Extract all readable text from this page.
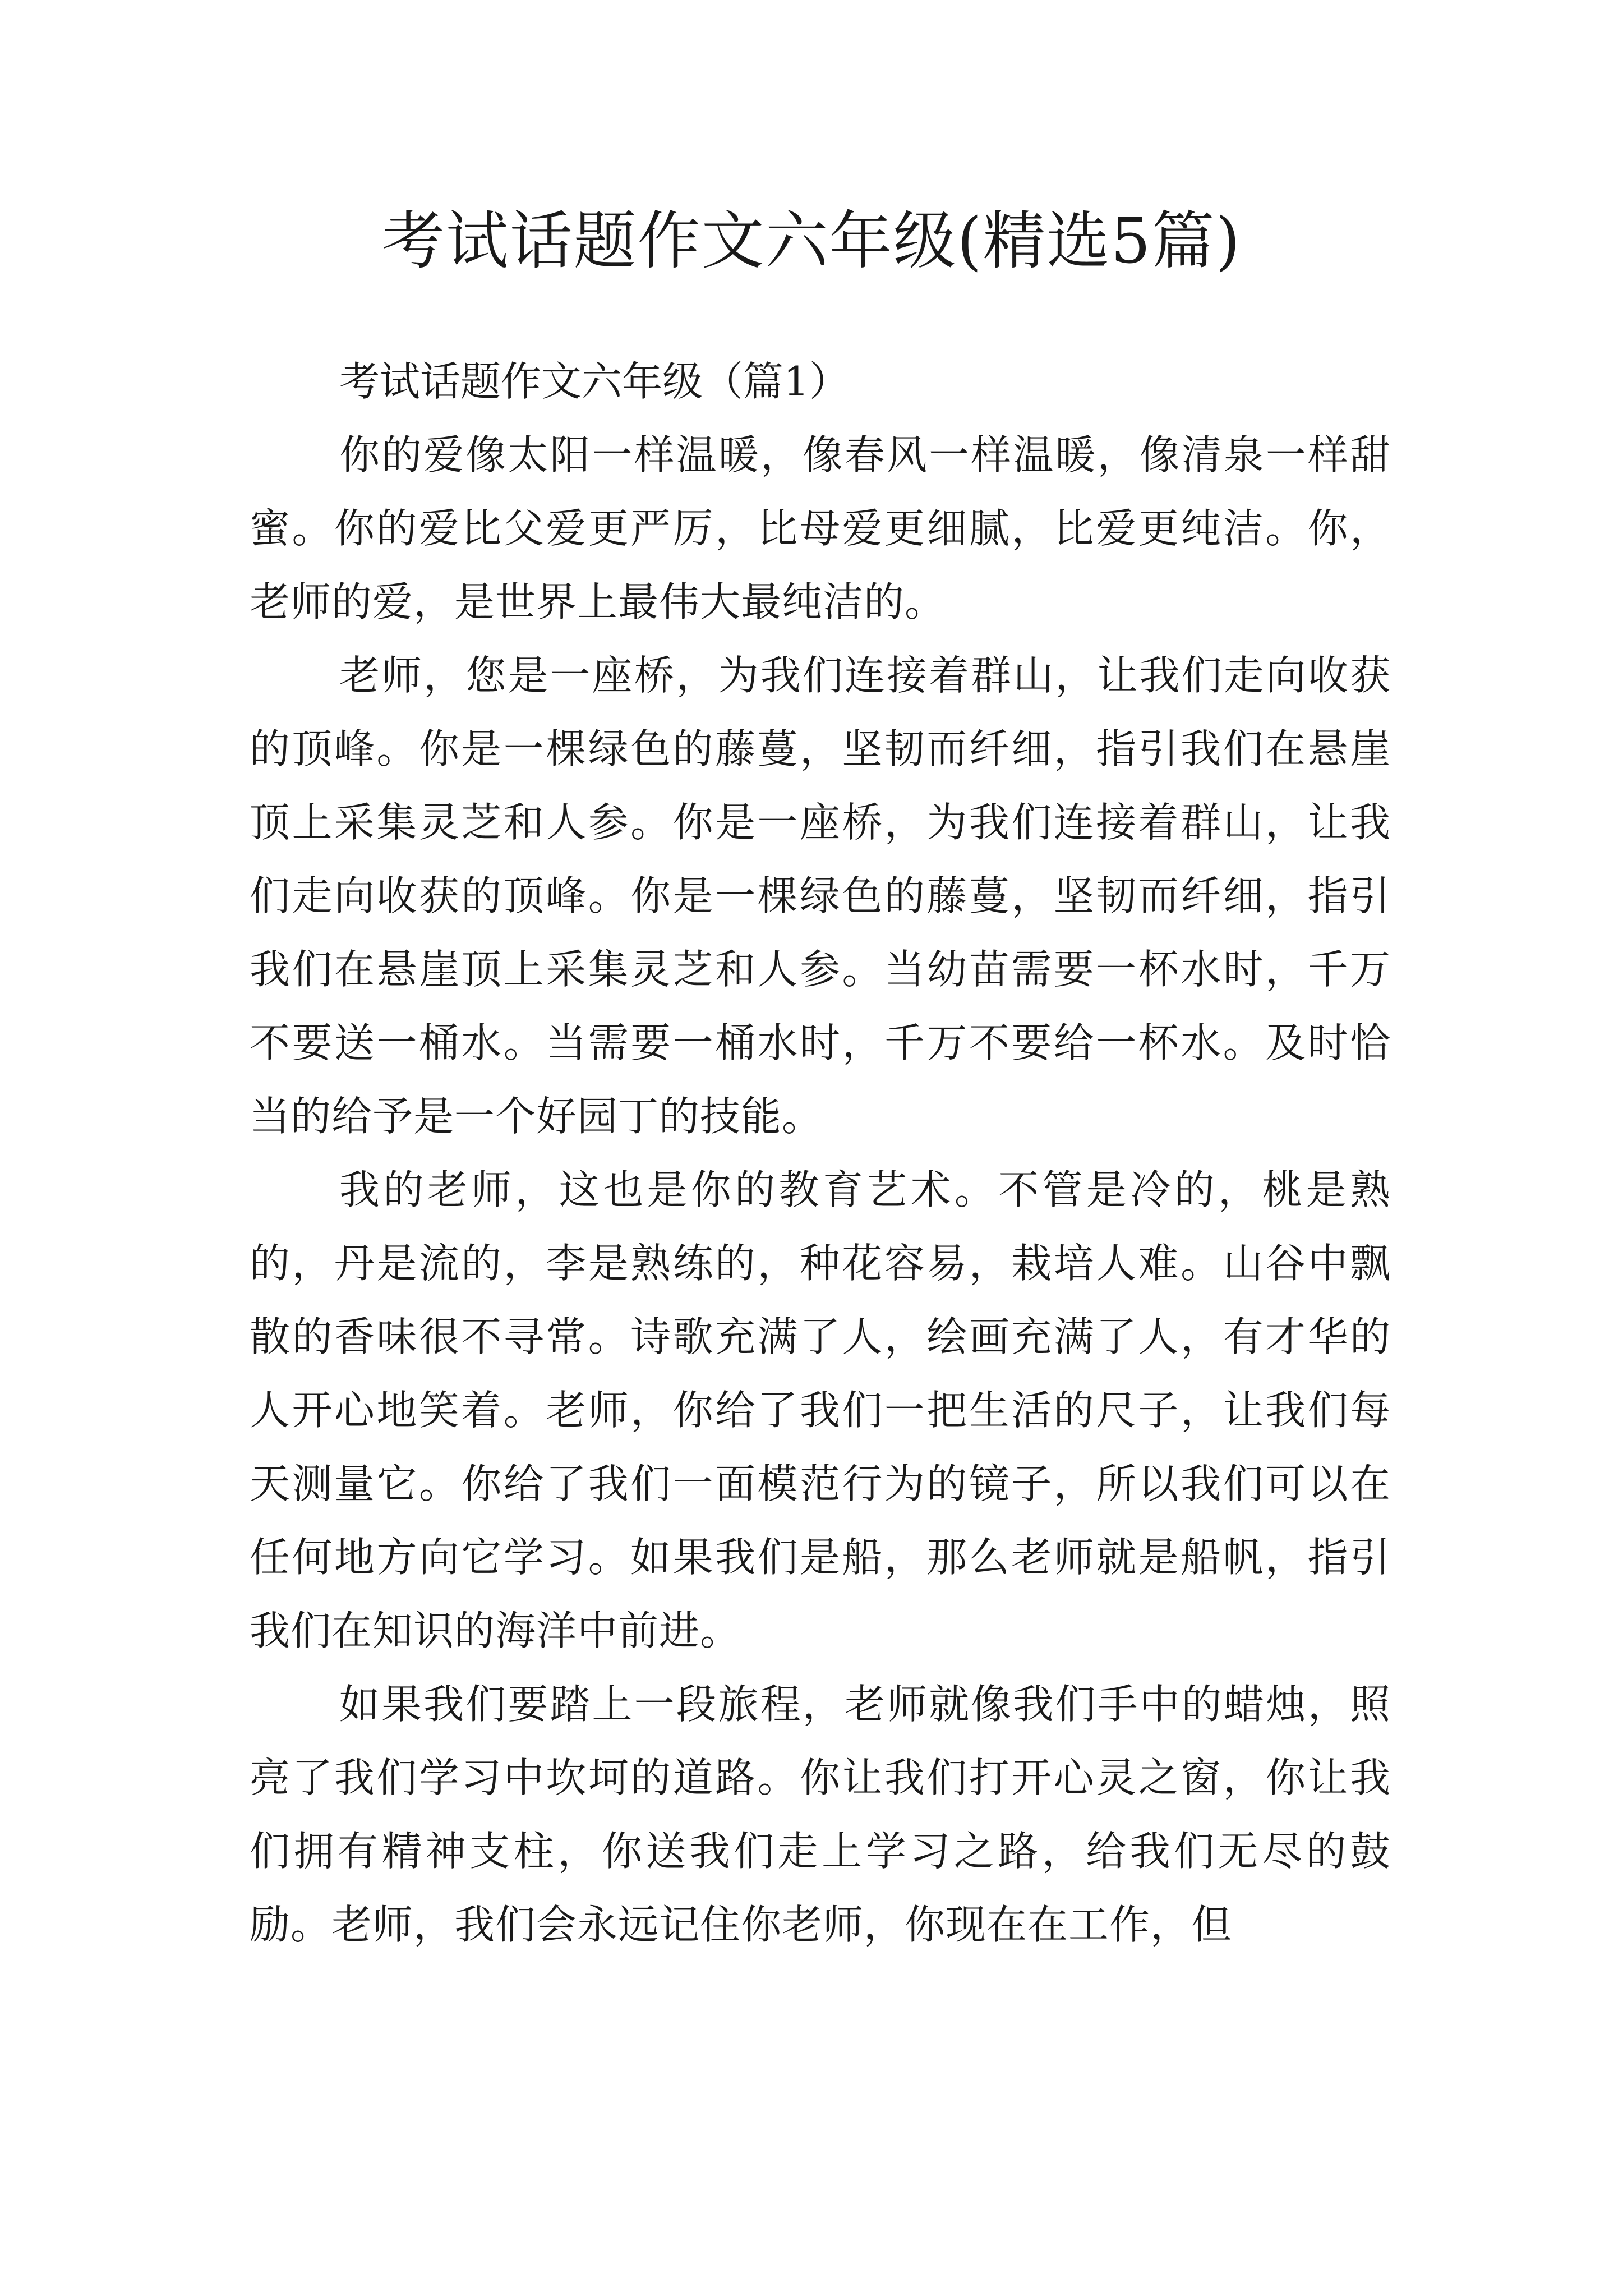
考试话题作文六年级(精选5篇)
考试话题作文六年级（篇1）

你的爱像太阳一样温暖，像春风一样温暖，像清泉一样甜蜜。你的爱比父爱更严厉，比母爱更细腻，比爱更纯洁。你，老师的爱，是世界上最伟大最纯洁的。

老师，您是一座桥，为我们连接着群山，让我们走向收获的顶峰。你是一棵绿色的藤蔓，坚韧而纤细，指引我们在悬崖顶上采集灵芝和人参。你是一座桥，为我们连接着群山，让我们走向收获的顶峰。你是一棵绿色的藤蔓，坚韧而纤细，指引我们在悬崖顶上采集灵芝和人参。当幼苗需要一杯水时，千万不要送一桶水。当需要一桶水时，千万不要给一杯水。及时恰当的给予是一个好园丁的技能。

我的老师，这也是你的教育艺术。不管是冷的，桃是熟的，丹是流的，李是熟练的，种花容易，栽培人难。山谷中飘散的香味很不寻常。诗歌充满了人，绘画充满了人，有才华的人开心地笑着。老师，你给了我们一把生活的尺子，让我们每天测量它。你给了我们一面模范行为的镜子，所以我们可以在任何地方向它学习。如果我们是船，那么老师就是船帆，指引我们在知识的海洋中前进。

如果我们要踏上一段旅程，老师就像我们手中的蜡烛，照亮了我们学习中坎坷的道路。你让我们打开心灵之窗，你让我们拥有精神支柱，你送我们走上学习之路，给我们无尽的鼓励。老师，我们会永远记住你老师，你现在在工作，但
